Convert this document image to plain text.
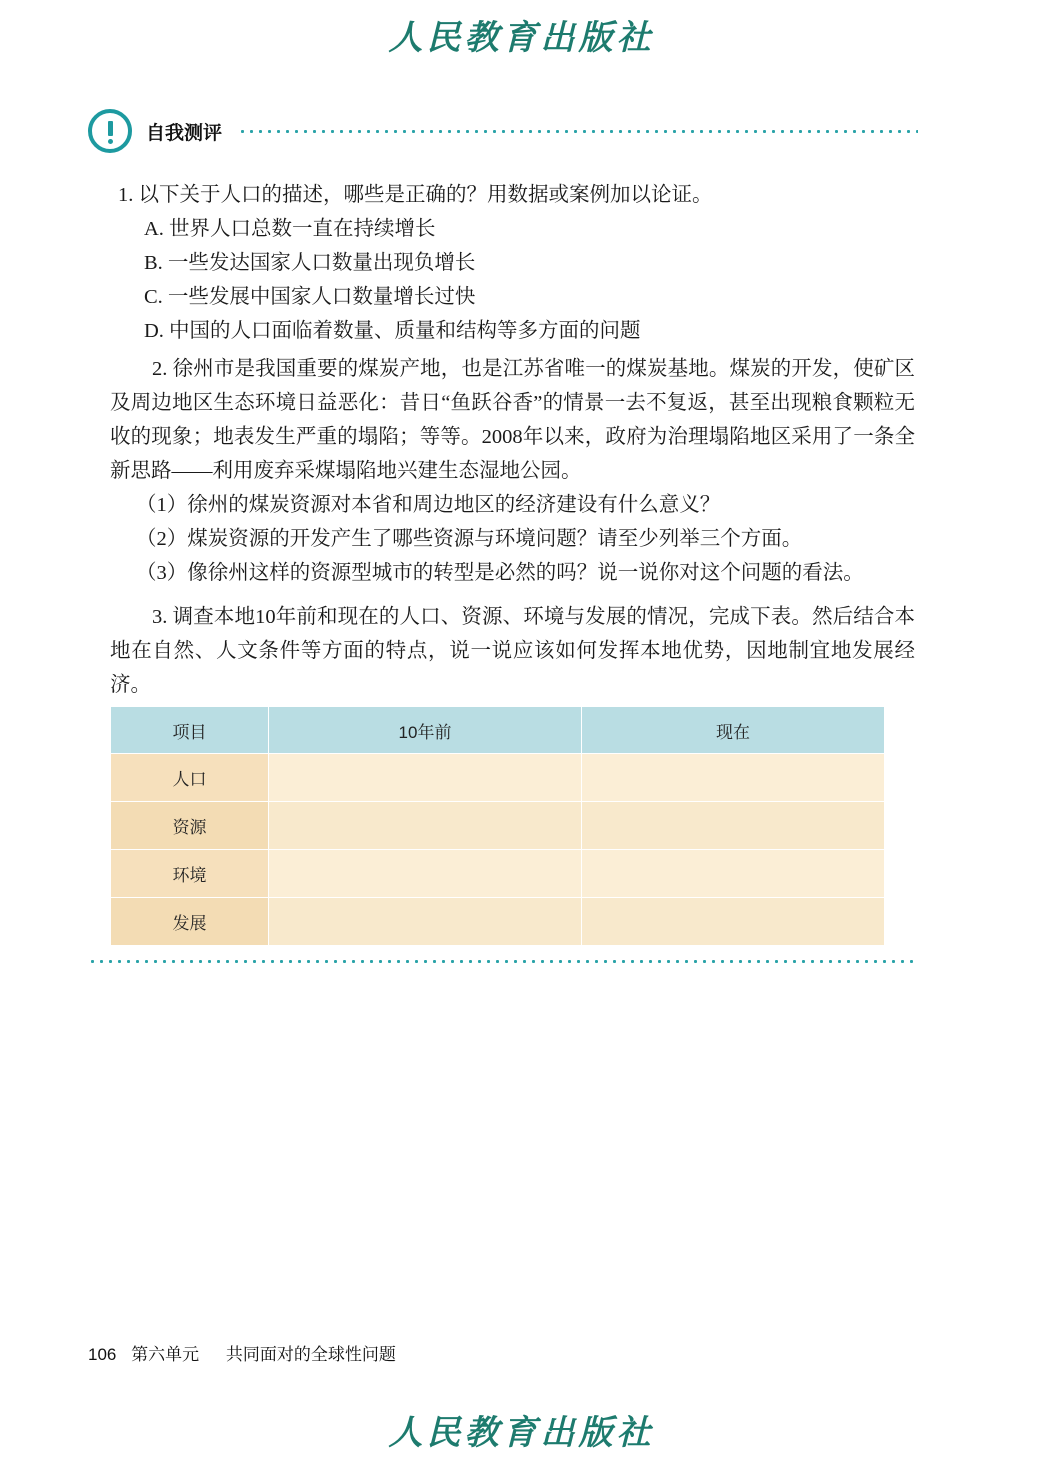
人民教育出版社
自我测评
1. 以下关于人口的描述，哪些是正确的？用数据或案例加以论证。
A. 世界人口总数一直在持续增长
B. 一些发达国家人口数量出现负增长
C. 一些发展中国家人口数量增长过快
D. 中国的人口面临着数量、质量和结构等多方面的问题

2. 徐州市是我国重要的煤炭产地，也是江苏省唯一的煤炭基地。煤炭的开发，使矿区及周边地区生态环境日益恶化：昔日“鱼跃谷香”的情景一去不复返，甚至出现粮食颗粒无收的现象；地表发生严重的塌陷；等等。2008年以来，政府为治理塌陷地区采用了一条全新思路——利用废弃采煤塌陷地兴建生态湿地公园。

（1）徐州的煤炭资源对本省和周边地区的经济建设有什么意义？

（2）煤炭资源的开发产生了哪些资源与环境问题？请至少列举三个方面。

（3）像徐州这样的资源型城市的转型是必然的吗？说一说你对这个问题的看法。

3. 调查本地10年前和现在的人口、资源、环境与发展的情况，完成下表。然后结合本地在自然、人文条件等方面的特点，说一说应该如何发挥本地优势，因地制宜地发展经济。

项目	10年前	现在
人口		
资源		
环境		
发展		
106 第六单元 共同面对的全球性问题
人民教育出版社
